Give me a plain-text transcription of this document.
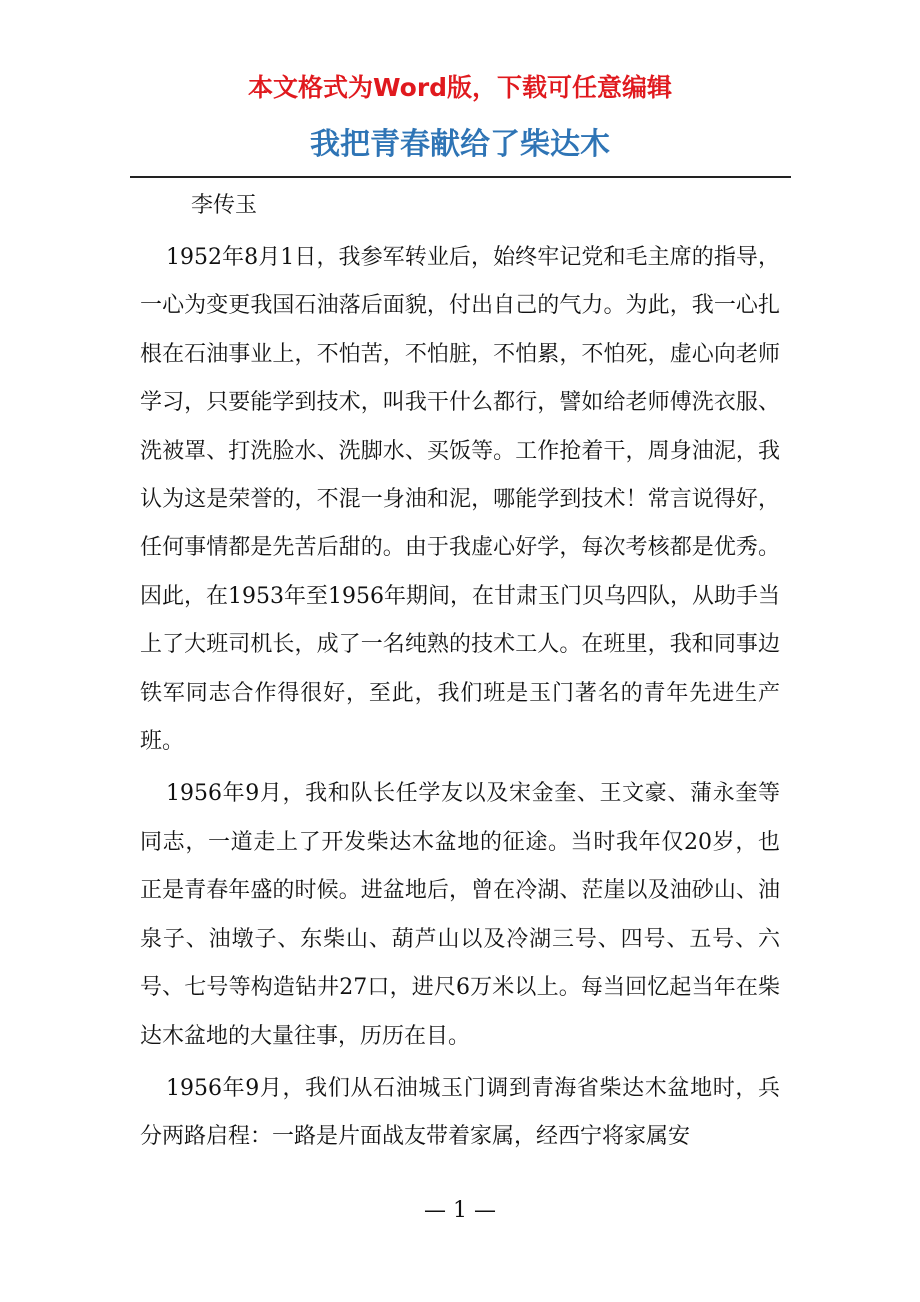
本文格式为Word版，下载可任意编辑
我把青春献给了柴达木
李传玉

1952年8月1日，我参军转业后，始终牢记党和毛主席的指导，一心为变更我国石油落后面貌，付出自己的气力。为此，我一心扎根在石油事业上，不怕苦，不怕脏，不怕累，不怕死，虚心向老师学习，只要能学到技术，叫我干什么都行，譬如给老师傅洗衣服、洗被罩、打洗脸水、洗脚水、买饭等。工作抢着干，周身油泥，我认为这是荣誉的，不混一身油和泥，哪能学到技术！常言说得好， 任何事情都是先苦后甜的。由于我虚心好学，每次考核都是优秀。因此，在1953年至1956年期间，在甘肃玉门贝乌四队，从助手当上了大班司机长，成了一名纯熟的技术工人。在班里，我和同事边铁军同志合作得很好，至此，我们班是玉门著名的青年先进生产班。

1956年9月，我和队长任学友以及宋金奎、王文豪、蒲永奎等同志，一道走上了开发柴达木盆地的征途。当时我年仅20岁，也正是青春年盛的时候。进盆地后，曾在冷湖、茫崖以及油砂山、油泉子、油墩子、东柴山、葫芦山以及冷湖三号、四号、五号、六号、七号等构造钻井27口，进尺6万米以上。每当回忆起当年在柴达木盆地的大量往事，历历在目。

1956年9月，我们从石油城玉门调到青海省柴达木盆地时，兵分两路启程：一路是片面战友带着家属，经西宁将家属安

— 1 —
